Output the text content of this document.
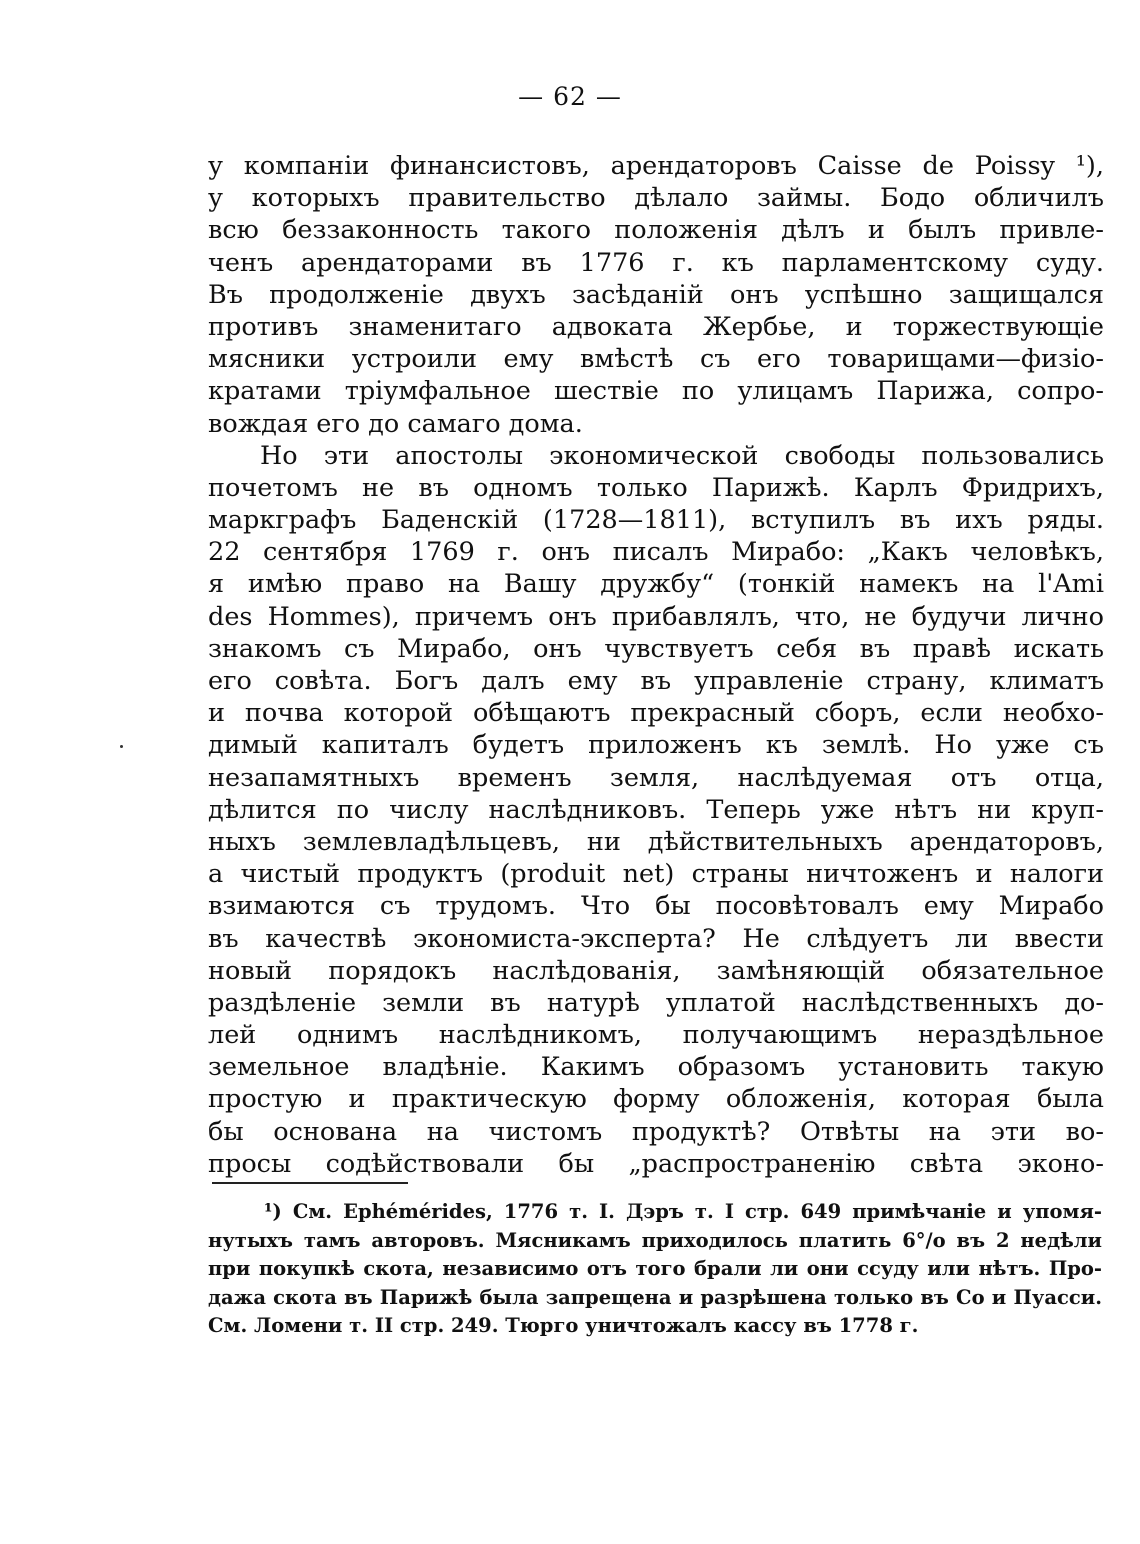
— 62 —
у компаніи финансистовъ, арендаторовъ Caisse de Poissy ¹),
у которыхъ правительство дѣлало займы. Бодо обличилъ
всю беззаконность такого положенія дѣлъ и былъ привле-
ченъ арендаторами въ 1776 г. къ парламентскому суду.
Въ продолженіе двухъ засѣданій онъ успѣшно защищался
противъ знаменитаго адвоката Жербье, и торжествующіе
мясники устроили ему вмѣстѣ съ его товарищами—физіо-
кратами тріумфальное шествіе по улицамъ Парижа, сопро-
вождая его до самаго дома.
Но эти апостолы экономической свободы пользовались
почетомъ не въ одномъ только Парижѣ. Карлъ Фридрихъ,
маркграфъ Баденскій (1728—1811), вступилъ въ ихъ ряды.
22 сентября 1769 г. онъ писалъ Мирабо: „Какъ человѣкъ,
я имѣю право на Вашу дружбу“ (тонкій намекъ на l'Ami
des Hommes), причемъ онъ прибавлялъ, что, не будучи лично
знакомъ съ Мирабо, онъ чувствуетъ себя въ правѣ искать
его совѣта. Богъ далъ ему въ управленіе страну, климатъ
и почва которой обѣщаютъ прекрасный сборъ, если необхо-
димый капиталъ будетъ приложенъ къ землѣ. Но уже съ
незапамятныхъ временъ земля, наслѣдуемая отъ отца,
дѣлится по числу наслѣдниковъ. Теперь уже нѣтъ ни круп-
ныхъ землевладѣльцевъ, ни дѣйствительныхъ арендаторовъ,
а чистый продуктъ (produit net) страны ничтоженъ и налоги
взимаются съ трудомъ. Что бы посовѣтовалъ ему Мирабо
въ качествѣ экономиста-эксперта? Не слѣдуетъ ли ввести
новый порядокъ наслѣдованія, замѣняющій обязательное
раздѣленіе земли въ натурѣ уплатой наслѣдственныхъ до-
лей однимъ наслѣдникомъ, получающимъ нераздѣльное
земельное владѣніе. Какимъ образомъ установить такую
простую и практическую форму обложенія, которая была
бы основана на чистомъ продуктѣ? Отвѣты на эти во-
просы содѣйствовали бы „распространенію свѣта эконо-
¹) См. Ephémérides, 1776 т. I. Дэръ т. I стр. 649 примѣчаніе и упомя-
нутыхъ тамъ авторовъ. Мясникамъ приходилось платить 6°/о въ 2 недѣли
при покупкѣ скота, независимо отъ того брали ли они ссуду или нѣтъ. Про-
дажа скота въ Парижѣ была запрещена и разрѣшена только въ Со и Пуасси.
См. Ломени т. II стр. 249. Тюрго уничтожалъ кассу въ 1778 г.
